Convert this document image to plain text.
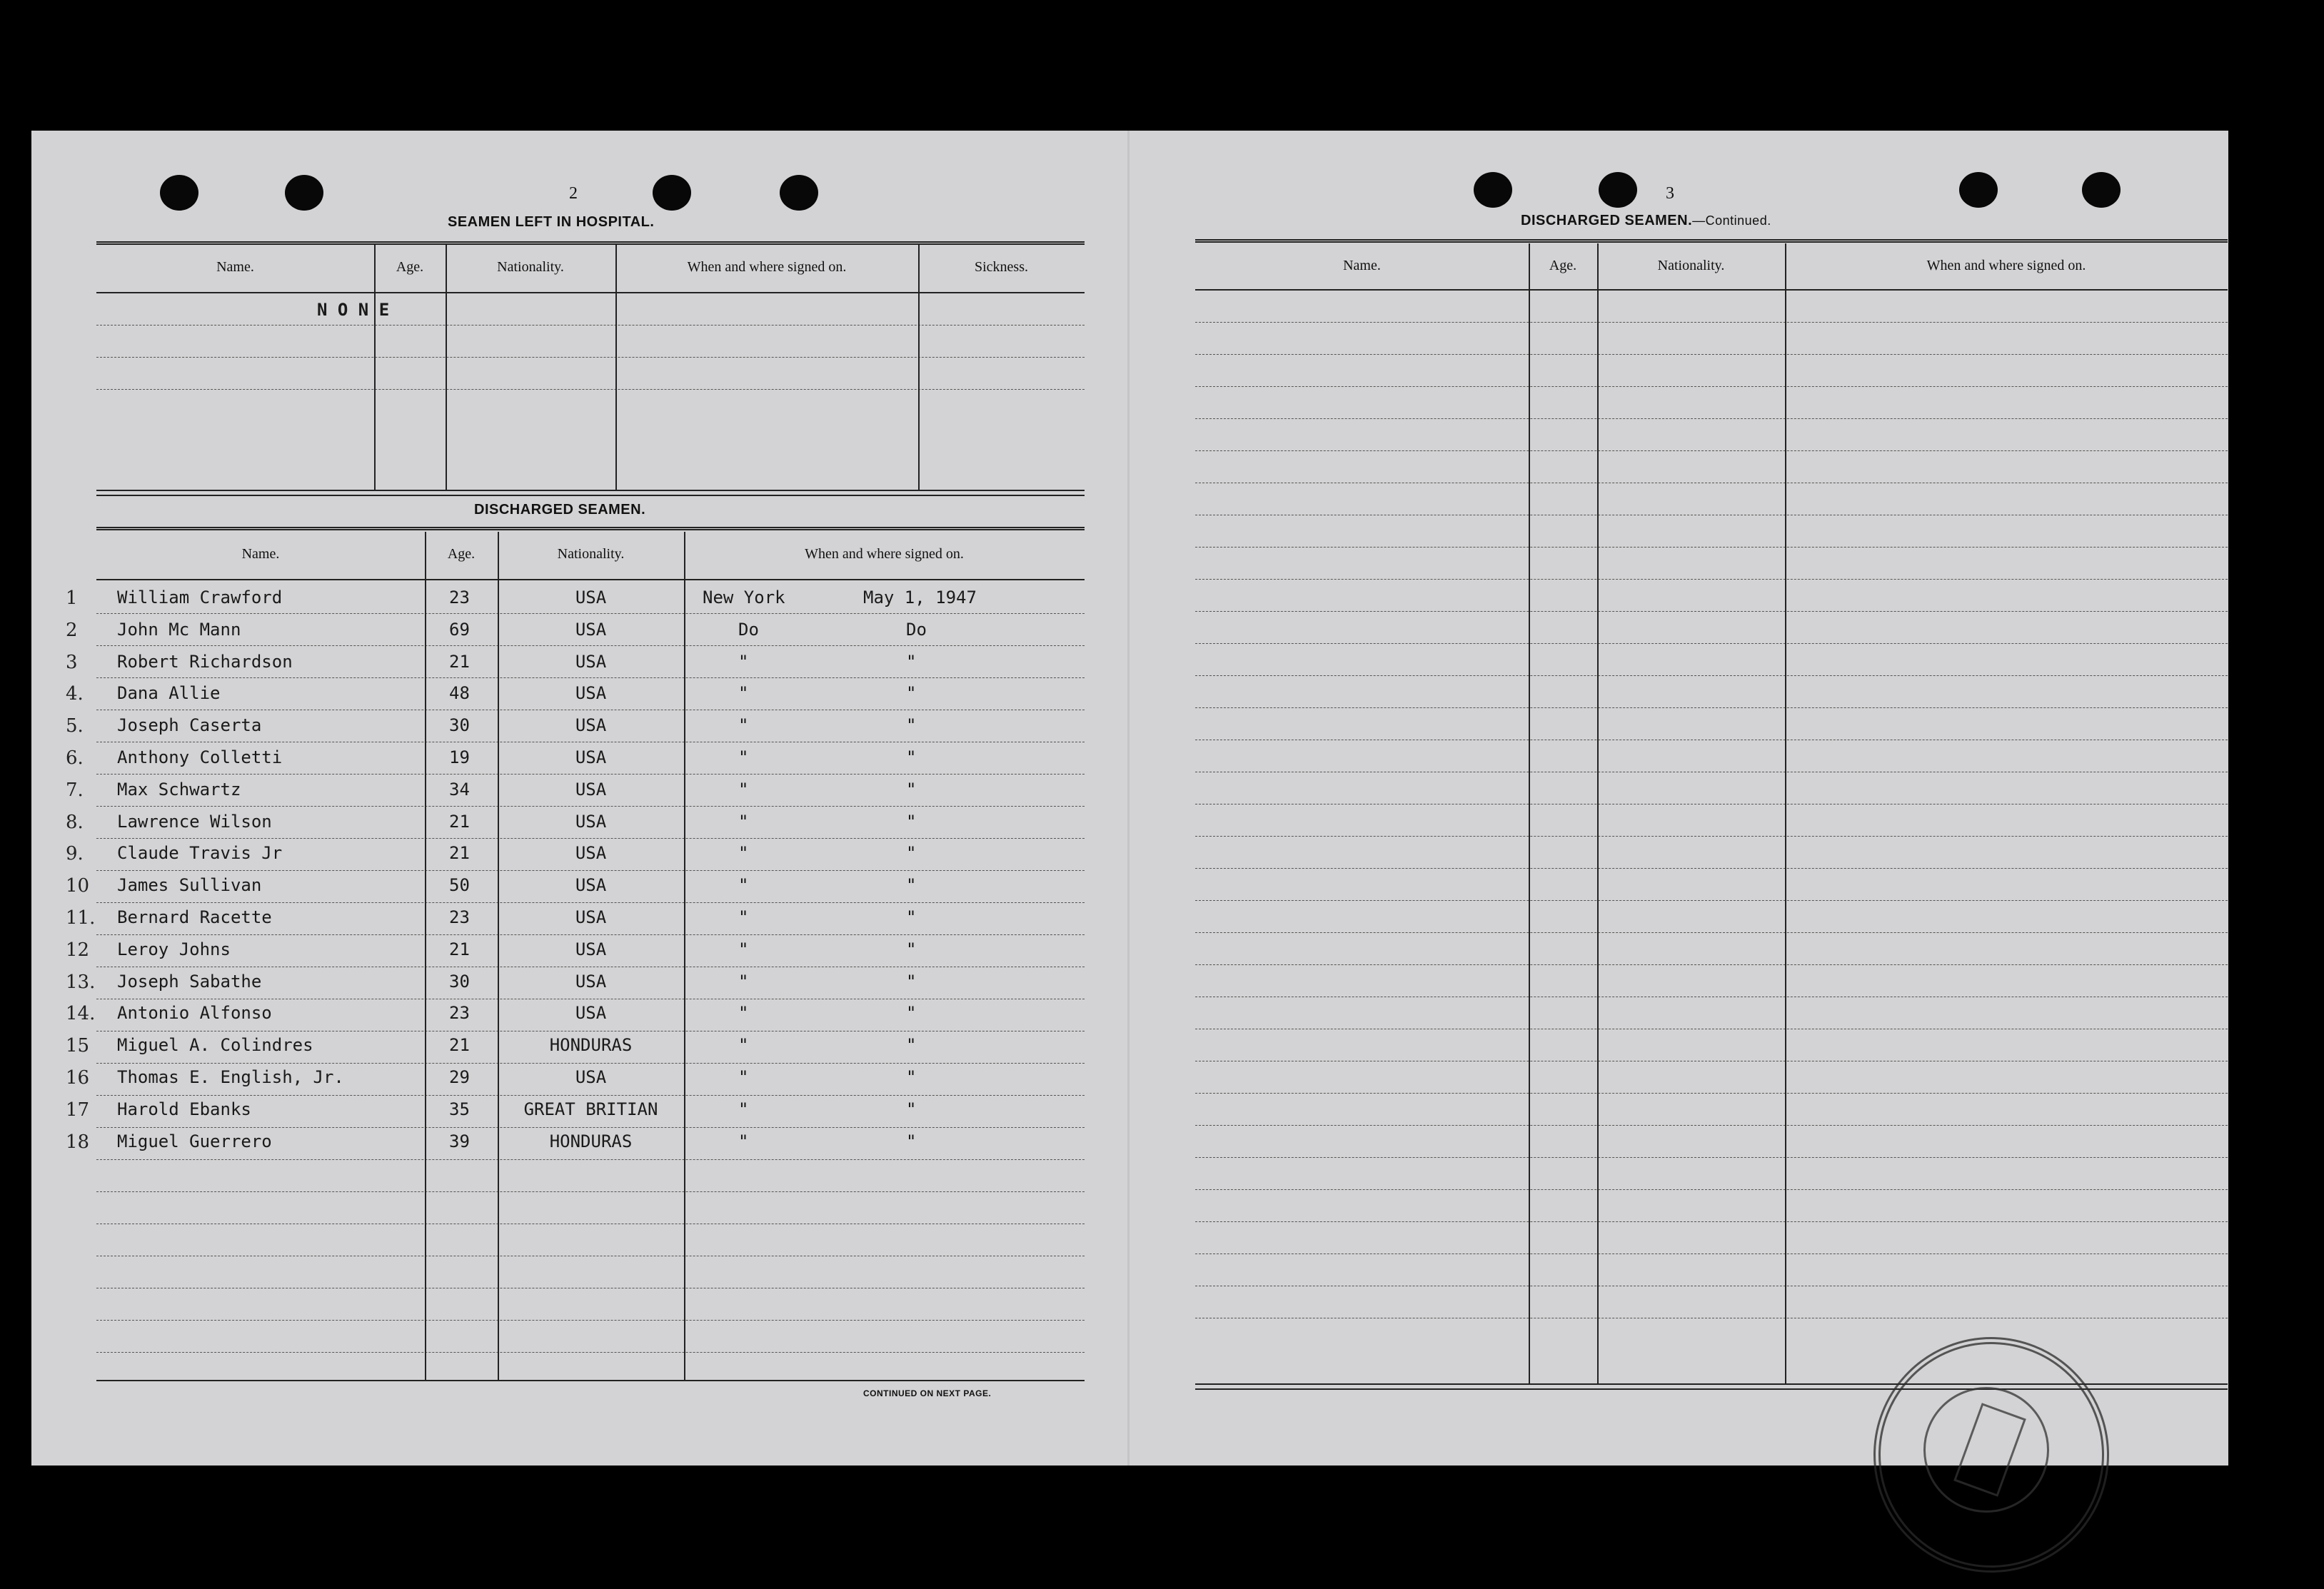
2
SEAMEN LEFT IN HOSPITAL.
Name.	Age.	Nationality.	When and where signed on.	Sickness.
N O N E
DISCHARGED SEAMEN.
Name.	Age.	Nationality.	When and where signed on.
1 William Crawford	23	USA	New York	May 1, 1947
2 John Mc Mann	69	USA	Do	Do
3 Robert Richardson	21	USA	"	"
4. Dana Allie	48	USA	"	"
5. Joseph Caserta	30	USA	"	"
6. Anthony Colletti	19	USA	"	"
7. Max Schwartz	34	USA	"	"
8. Lawrence Wilson	21	USA	"	"
9. Claude Travis Jr	21	USA	"	"
10 James Sullivan	50	USA	"	"
11. Bernard Racette	23	USA	"	"
12 Leroy Johns	21	USA	"	"
13. Joseph Sabathe	30	USA	"	"
14. Antonio Alfonso	23	USA	"	"
15 Miguel A. Colindres	21	HONDURAS	"	"
16 Thomas E. English, Jr.	29	USA	"	"
17 Harold Ebanks	35	GREAT BRITIAN	"	"
18 Miguel Guerrero	39	HONDURAS	"	"
CONTINUED ON NEXT PAGE.
3
DISCHARGED SEAMEN.—Continued.
Name.	Age.	Nationality.	When and where signed on.
